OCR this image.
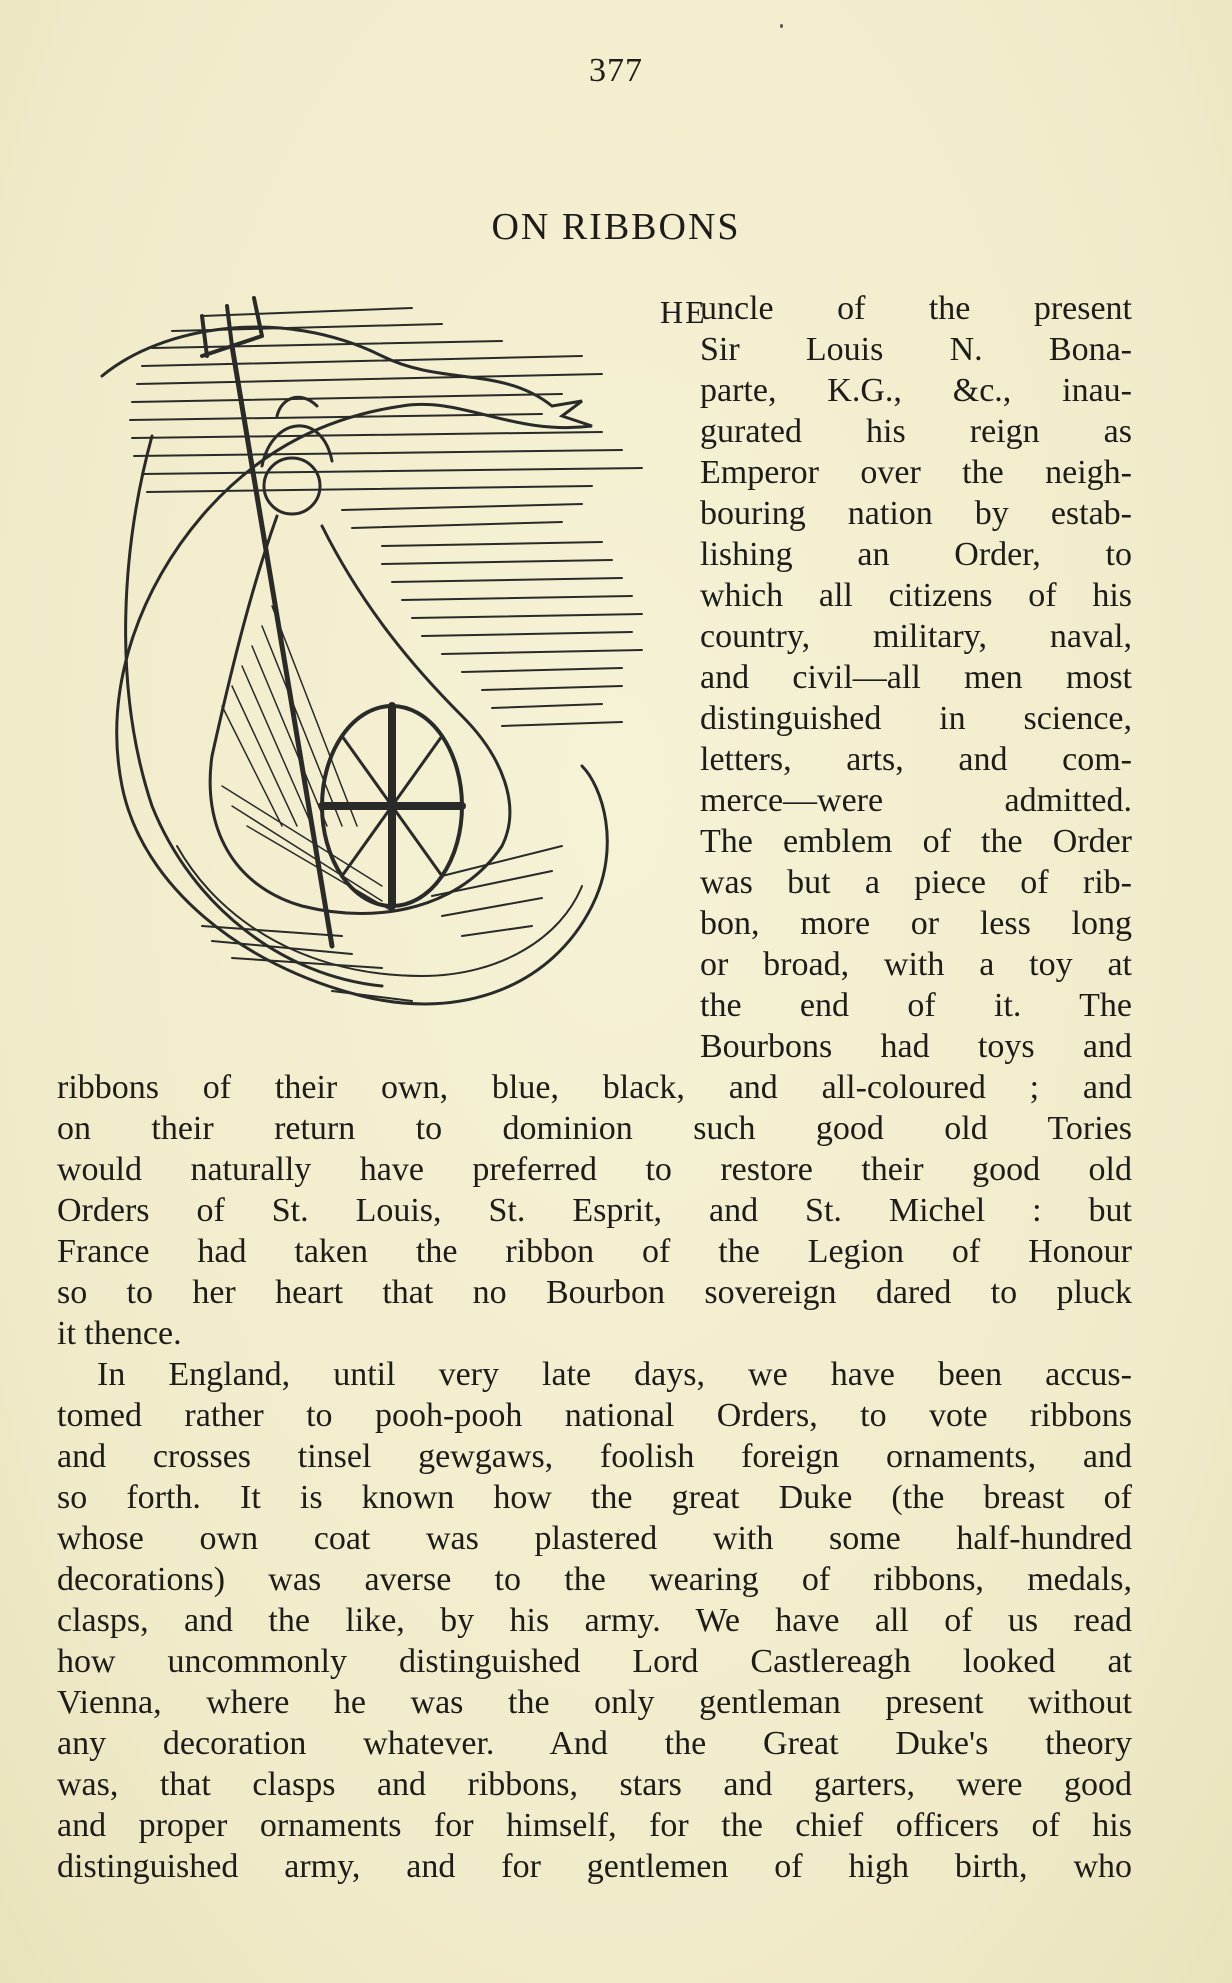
377
ON RIBBONS
HE
uncle of the present
Sir Louis N. Bona-
parte, K.G., &c., inau-
gurated his reign as
Emperor over the neigh-
bouring nation by estab-
lishing an Order, to
which all citizens of his
country, military, naval,
and civil—all men most
distinguished in science,
letters, arts, and com-
merce—were admitted.
The emblem of the Order
was but a piece of rib-
bon, more or less long
or broad, with a toy at
the end of it. The
Bourbons had toys and
ribbons of their own, blue, black, and all-coloured ; and
on their return to dominion such good old Tories
would naturally have preferred to restore their good old
Orders of St. Louis, St. Esprit, and St. Michel : but
France had taken the ribbon of the Legion of Honour
so to her heart that no Bourbon sovereign dared to pluck
it thence.
In England, until very late days, we have been accus-
tomed rather to pooh-pooh national Orders, to vote ribbons
and crosses tinsel gewgaws, foolish foreign ornaments, and
so forth. It is known how the great Duke (the breast of
whose own coat was plastered with some half-hundred
decorations) was averse to the wearing of ribbons, medals,
clasps, and the like, by his army. We have all of us read
how uncommonly distinguished Lord Castlereagh looked at
Vienna, where he was the only gentleman present without
any decoration whatever. And the Great Duke's theory
was, that clasps and ribbons, stars and garters, were good
and proper ornaments for himself, for the chief officers of his
distinguished army, and for gentlemen of high birth, who
